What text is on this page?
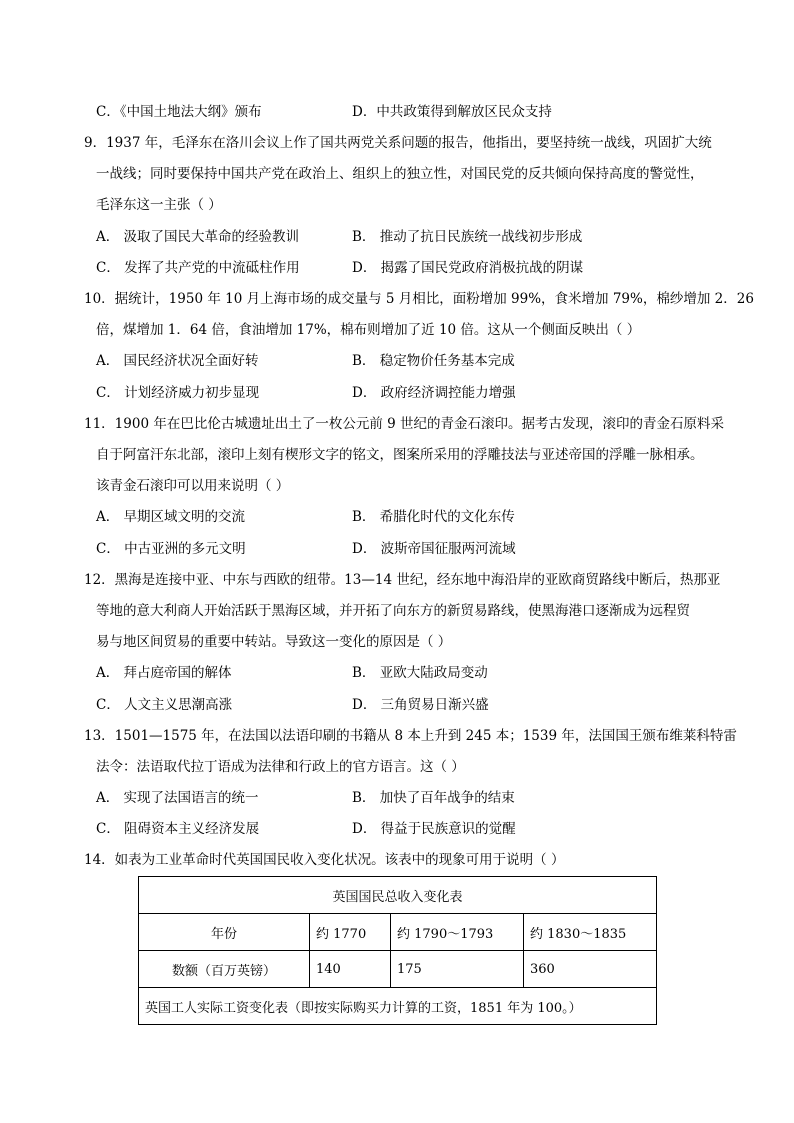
C．《中国土地法大纲》颁布	D．中共政策得到解放区民众支持
9．1937 年，毛泽东在洛川会议上作了国共两党关系问题的报告，他指出，要坚持统一战线，巩固扩大统
一战线；同时要保持中国共产党在政治上、组织上的独立性，对国民党的反共倾向保持高度的警觉性，
毛泽东这一主张（ ）
A． 汲取了国民大革命的经验教训	B． 推动了抗日民族统一战线初步形成
C． 发挥了共产党的中流砥柱作用	D． 揭露了国民党政府消极抗战的阴谋
10．据统计，1950 年 10 月上海市场的成交量与 5 月相比，面粉增加 99%，食米增加 79%，棉纱增加 2．26
倍，煤增加 1．64 倍，食油增加 17%，棉布则增加了近 10 倍。这从一个侧面反映出（ ）
A． 国民经济状况全面好转	B． 稳定物价任务基本完成
C． 计划经济威力初步显现	D． 政府经济调控能力增强
11．1900 年在巴比伦古城遗址出土了一枚公元前 9 世纪的青金石滚印。据考古发现，滚印的青金石原料采
自于阿富汗东北部，滚印上刻有楔形文字的铭文，图案所采用的浮雕技法与亚述帝国的浮雕一脉相承。
该青金石滚印可以用来说明（ ）
A． 早期区域文明的交流	B． 希腊化时代的文化东传
C． 中古亚洲的多元文明	D． 波斯帝国征服两河流域
12．黑海是连接中亚、中东与西欧的纽带。13—14 世纪，经东地中海沿岸的亚欧商贸路线中断后，热那亚
等地的意大利商人开始活跃于黑海区域，并开拓了向东方的新贸易路线，使黑海港口逐渐成为远程贸
易与地区间贸易的重要中转站。导致这一变化的原因是（ ）
A． 拜占庭帝国的解体	B． 亚欧大陆政局变动
C． 人文主义思潮高涨	D． 三角贸易日渐兴盛
13．1501—1575 年，在法国以法语印刷的书籍从 8 本上升到 245 本；1539 年，法国国王颁布维莱科特雷
法令：法语取代拉丁语成为法律和行政上的官方语言。这（ ）
A． 实现了法国语言的统一	B． 加快了百年战争的结束
C． 阻碍资本主义经济发展	D． 得益于民族意识的觉醒
14．如表为工业革命时代英国国民收入变化状况。该表中的现象可用于说明（ ）
英国国民总收入变化表			
年份	约 1770	约 1790～1793	约 1830～1835
数额（百万英镑）	140	175	360
英国工人实际工资变化表（即按实际购买力计算的工资，1851 年为 100。）			
